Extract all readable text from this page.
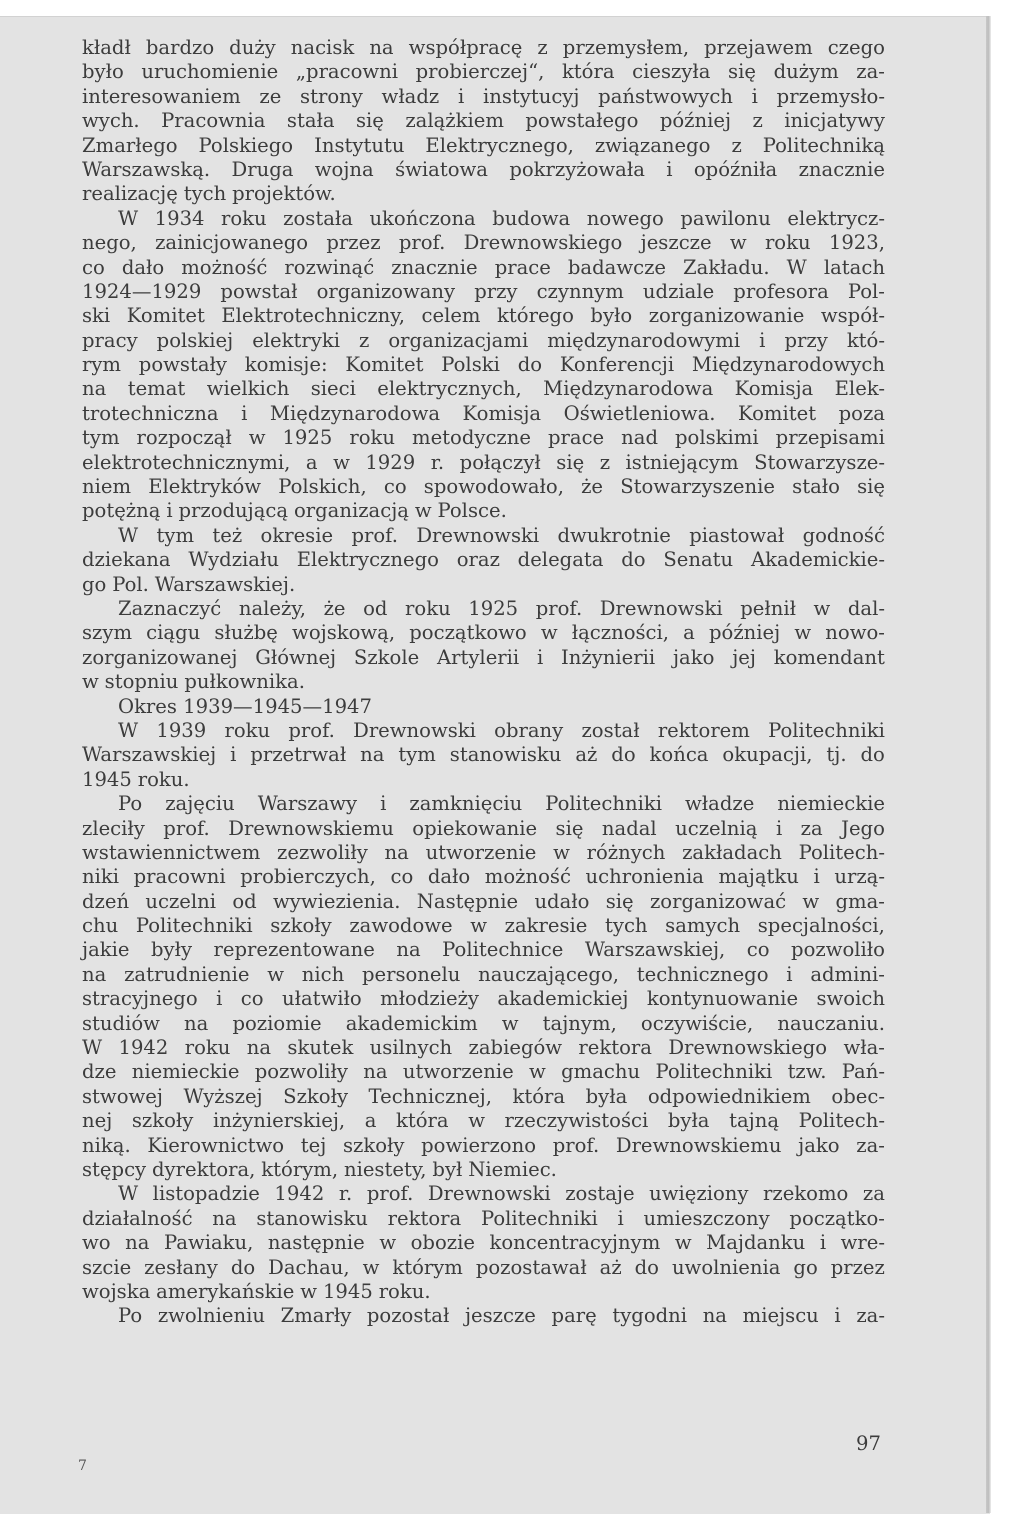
kładł bardzo duży nacisk na współpracę z przemysłem, przejawem czego
było uruchomienie „pracowni probierczej“, która cieszyła się dużym za-
interesowaniem ze strony władz i instytucyj państwowych i przemysło-
wych. Pracownia stała się zalążkiem powstałego później z inicjatywy
Zmarłego Polskiego Instytutu Elektrycznego, związanego z Politechniką
Warszawską. Druga wojna światowa pokrzyżowała i opóźniła znacznie
realizację tych projektów.
W 1934 roku została ukończona budowa nowego pawilonu elektrycz-
nego, zainicjowanego przez prof. Drewnowskiego jeszcze w roku 1923,
co dało możność rozwinąć znacznie prace badawcze Zakładu. W latach
1924—1929 powstał organizowany przy czynnym udziale profesora Pol-
ski Komitet Elektrotechniczny, celem którego było zorganizowanie współ-
pracy polskiej elektryki z organizacjami międzynarodowymi i przy któ-
rym powstały komisje: Komitet Polski do Konferencji Międzynarodowych
na temat wielkich sieci elektrycznych, Międzynarodowa Komisja Elek-
trotechniczna i Międzynarodowa Komisja Oświetleniowa. Komitet poza
tym rozpoczął w 1925 roku metodyczne prace nad polskimi przepisami
elektrotechnicznymi, a w 1929 r. połączył się z istniejącym Stowarzysze-
niem Elektryków Polskich, co spowodowało, że Stowarzyszenie stało się
potężną i przodującą organizacją w Polsce.
W tym też okresie prof. Drewnowski dwukrotnie piastował godność
dziekana Wydziału Elektrycznego oraz delegata do Senatu Akademickie-
go Pol. Warszawskiej.
Zaznaczyć należy, że od roku 1925 prof. Drewnowski pełnił w dal-
szym ciągu służbę wojskową, początkowo w łączności, a później w nowo-
zorganizowanej Głównej Szkole Artylerii i Inżynierii jako jej komendant
w stopniu pułkownika.
Okres 1939—1945—1947
W 1939 roku prof. Drewnowski obrany został rektorem Politechniki
Warszawskiej i przetrwał na tym stanowisku aż do końca okupacji, tj. do
1945 roku.
Po zajęciu Warszawy i zamknięciu Politechniki władze niemieckie
zleciły prof. Drewnowskiemu opiekowanie się nadal uczelnią i za Jego
wstawiennictwem zezwoliły na utworzenie w różnych zakładach Politech-
niki pracowni probierczych, co dało możność uchronienia majątku i urzą-
dzeń uczelni od wywiezienia. Następnie udało się zorganizować w gma-
chu Politechniki szkoły zawodowe w zakresie tych samych specjalności,
jakie były reprezentowane na Politechnice Warszawskiej, co pozwoliło
na zatrudnienie w nich personelu nauczającego, technicznego i admini-
stracyjnego i co ułatwiło młodzieży akademickiej kontynuowanie swoich
studiów na poziomie akademickim w tajnym, oczywiście, nauczaniu.
W 1942 roku na skutek usilnych zabiegów rektora Drewnowskiego wła-
dze niemieckie pozwoliły na utworzenie w gmachu Politechniki tzw. Pań-
stwowej Wyższej Szkoły Technicznej, która była odpowiednikiem obec-
nej szkoły inżynierskiej, a która w rzeczywistości była tajną Politech-
niką. Kierownictwo tej szkoły powierzono prof. Drewnowskiemu jako za-
stępcy dyrektora, którym, niestety, był Niemiec.
W listopadzie 1942 r. prof. Drewnowski zostaje uwięziony rzekomo za
działalność na stanowisku rektora Politechniki i umieszczony początko-
wo na Pawiaku, następnie w obozie koncentracyjnym w Majdanku i wre-
szcie zesłany do Dachau, w którym pozostawał aż do uwolnienia go przez
wojska amerykańskie w 1945 roku.
Po zwolnieniu Zmarły pozostał jeszcze parę tygodni na miejscu i za-
97
7
